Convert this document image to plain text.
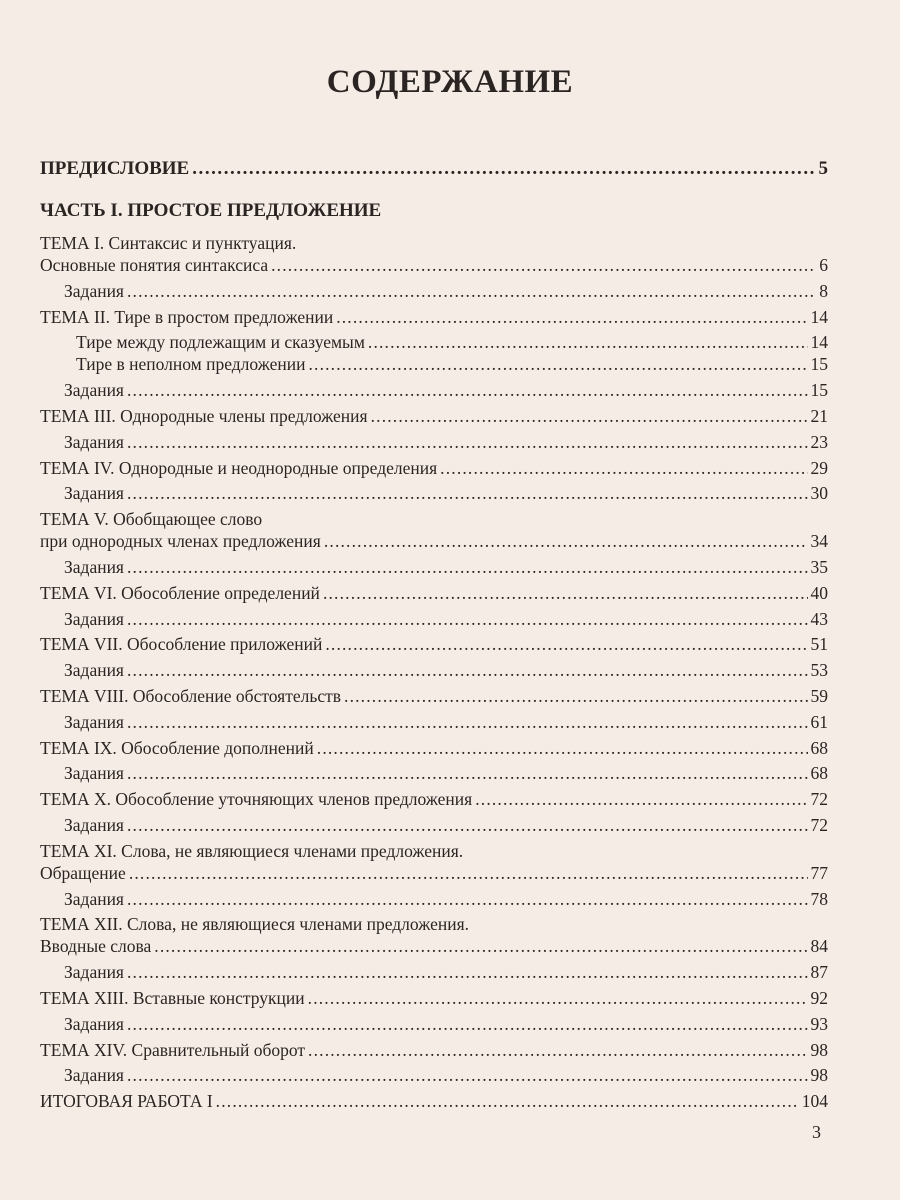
СОДЕРЖАНИЕ
ПРЕДИСЛОВИЕ . . .	5
ЧАСТЬ I. ПРОСТОЕ ПРЕДЛОЖЕНИЕ
ТЕМА I. Синтаксис и пунктуация.
Основные понятия синтаксиса . . .	6
Задания . . .	8
ТЕМА II. Тире в простом предложении . . .	14
Тире между подлежащим и сказуемым . . .	14
Тире в неполном предложении . . .	15
Задания . . .	15
ТЕМА III. Однородные члены предложения . . .	21
Задания . . .	23
ТЕМА IV. Однородные и неоднородные определения . . .	29
Задания . . .	30
ТЕМА V. Обобщающее слово
при однородных членах предложения . . .	34
Задания . . .	35
ТЕМА VI. Обособление определений . . .	40
Задания . . .	43
ТЕМА VII. Обособление приложений . . .	51
Задания . . .	53
ТЕМА VIII. Обособление обстоятельств . . .	59
Задания . . .	61
ТЕМА IX. Обособление дополнений . . .	68
Задания . . .	68
ТЕМА X. Обособление уточняющих членов предложения . . .	72
Задания . . .	72
ТЕМА XI. Слова, не являющиеся членами предложения.
Обращение . . .	77
Задания . . .	78
ТЕМА XII. Слова, не являющиеся членами предложения.
Вводные слова . . .	84
Задания . . .	87
ТЕМА XIII. Вставные конструкции . . .	92
Задания . . .	93
ТЕМА XIV. Сравнительный оборот . . .	98
Задания . . .	98
ИТОГОВАЯ РАБОТА I . . .	104
3
